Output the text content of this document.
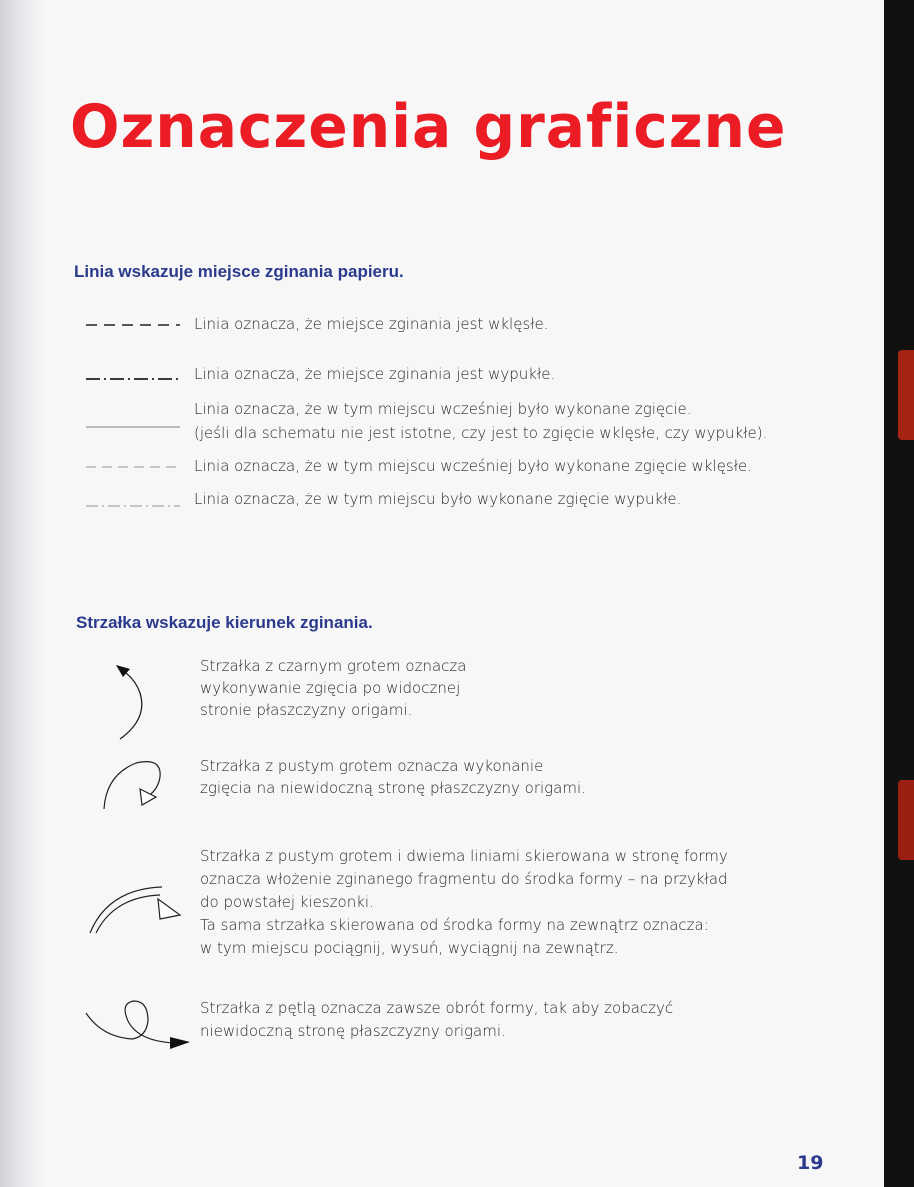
Oznaczenia graficzne
Linia wskazuje miejsce zginania papieru.
Linia oznacza, że miejsce zginania jest wklęsłe.
Linia oznacza, że miejsce zginania jest wypukłe.
Linia oznacza, że w tym miejscu wcześniej było wykonane zgięcie.
(jeśli dla schematu nie jest istotne, czy jest to zgięcie wklęsłe, czy wypukłe).
Linia oznacza, że w tym miejscu wcześniej było wykonane zgięcie wklęsłe.
Linia oznacza, że w tym miejscu było wykonane zgięcie wypukłe.
Strzałka wskazuje kierunek zginania.
Strzałka z czarnym grotem oznacza
wykonywanie zgięcia po widocznej
stronie płaszczyzny origami.
Strzałka z pustym grotem oznacza wykonanie
zgięcia na niewidoczną stronę płaszczyzny origami.
Strzałka z pustym grotem i dwiema liniami skierowana w stronę formy
oznacza włożenie zginanego fragmentu do środka formy – na przykład
do powstałej kieszonki.
Ta sama strzałka skierowana od środka formy na zewnątrz oznacza:
w tym miejscu pociągnij, wysuń, wyciągnij na zewnątrz.
Strzałka z pętlą oznacza zawsze obrót formy, tak aby zobaczyć
niewidoczną stronę płaszczyzny origami.
19
